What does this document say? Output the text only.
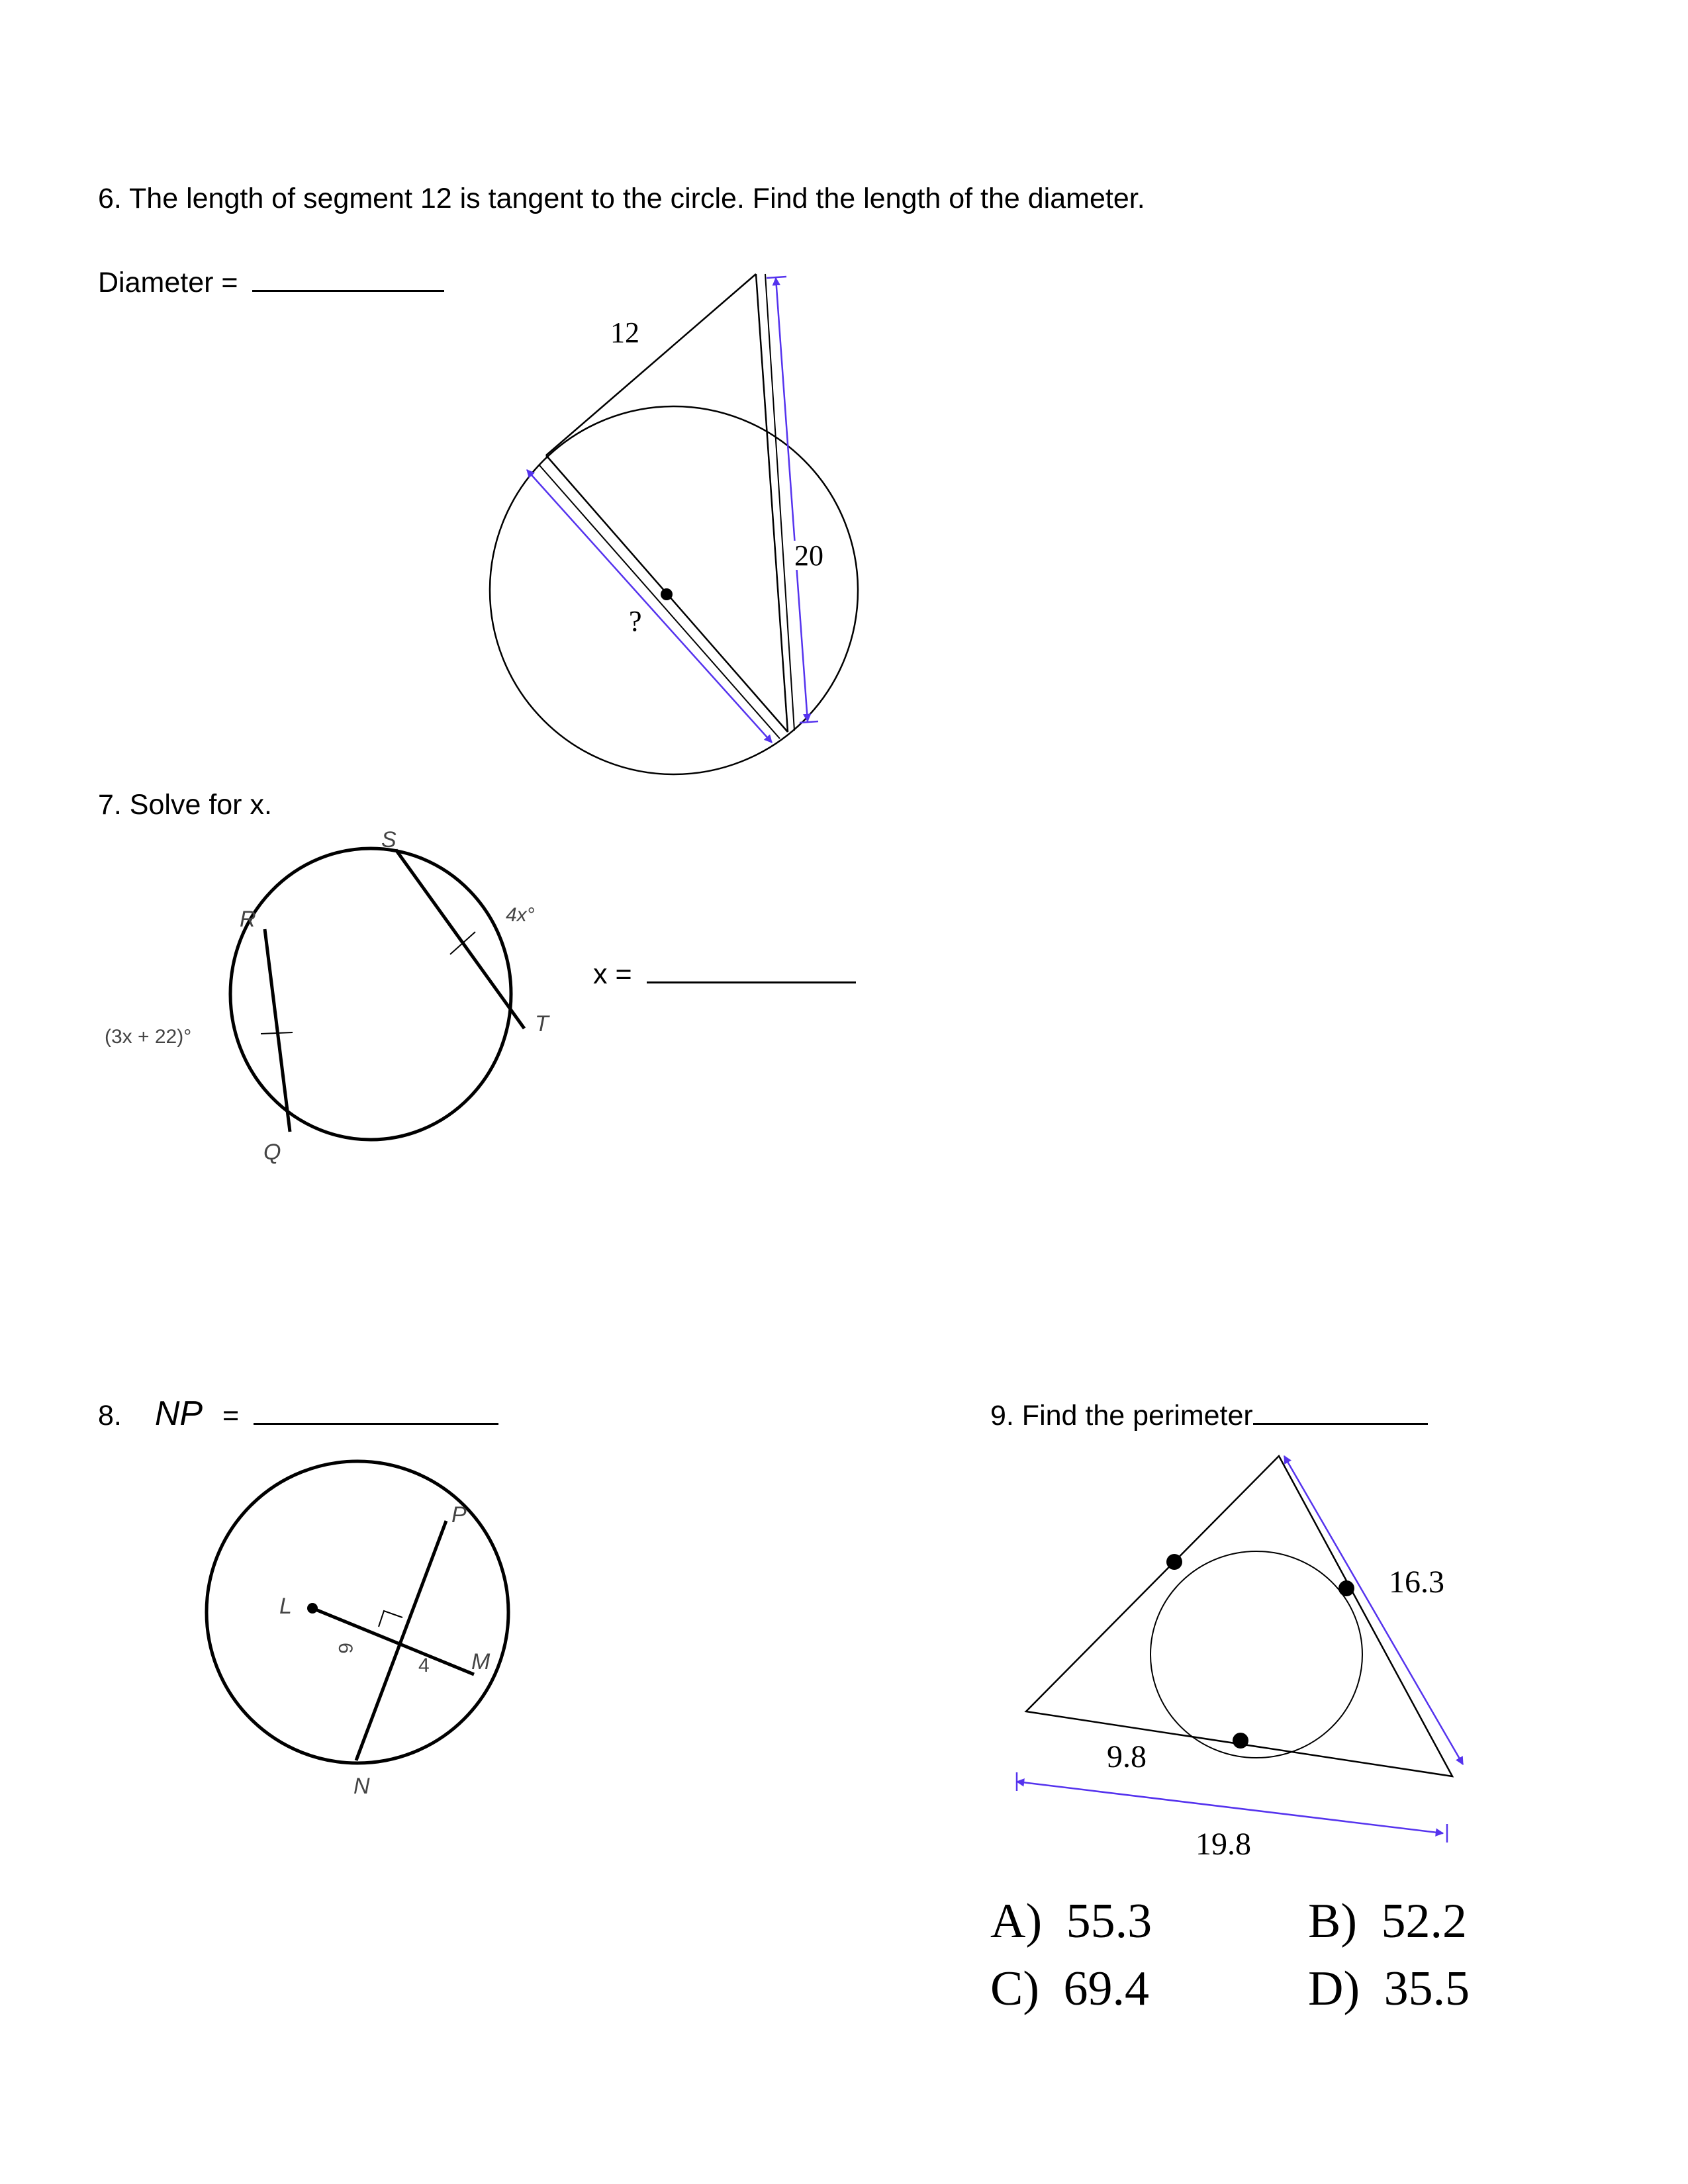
6. The length of segment 12 is tangent to the circle. Find the length of the diameter.
Diameter =
12
20
?
7. Solve for x.
x =
S
R
T
Q
4x°
(3x + 22)°
8. NP =
L
P
M
N
6
4
9. Find the perimeter
16.3
9.8
19.8
A) 55.3	B) 52.2
C) 69.4	D) 35.5
